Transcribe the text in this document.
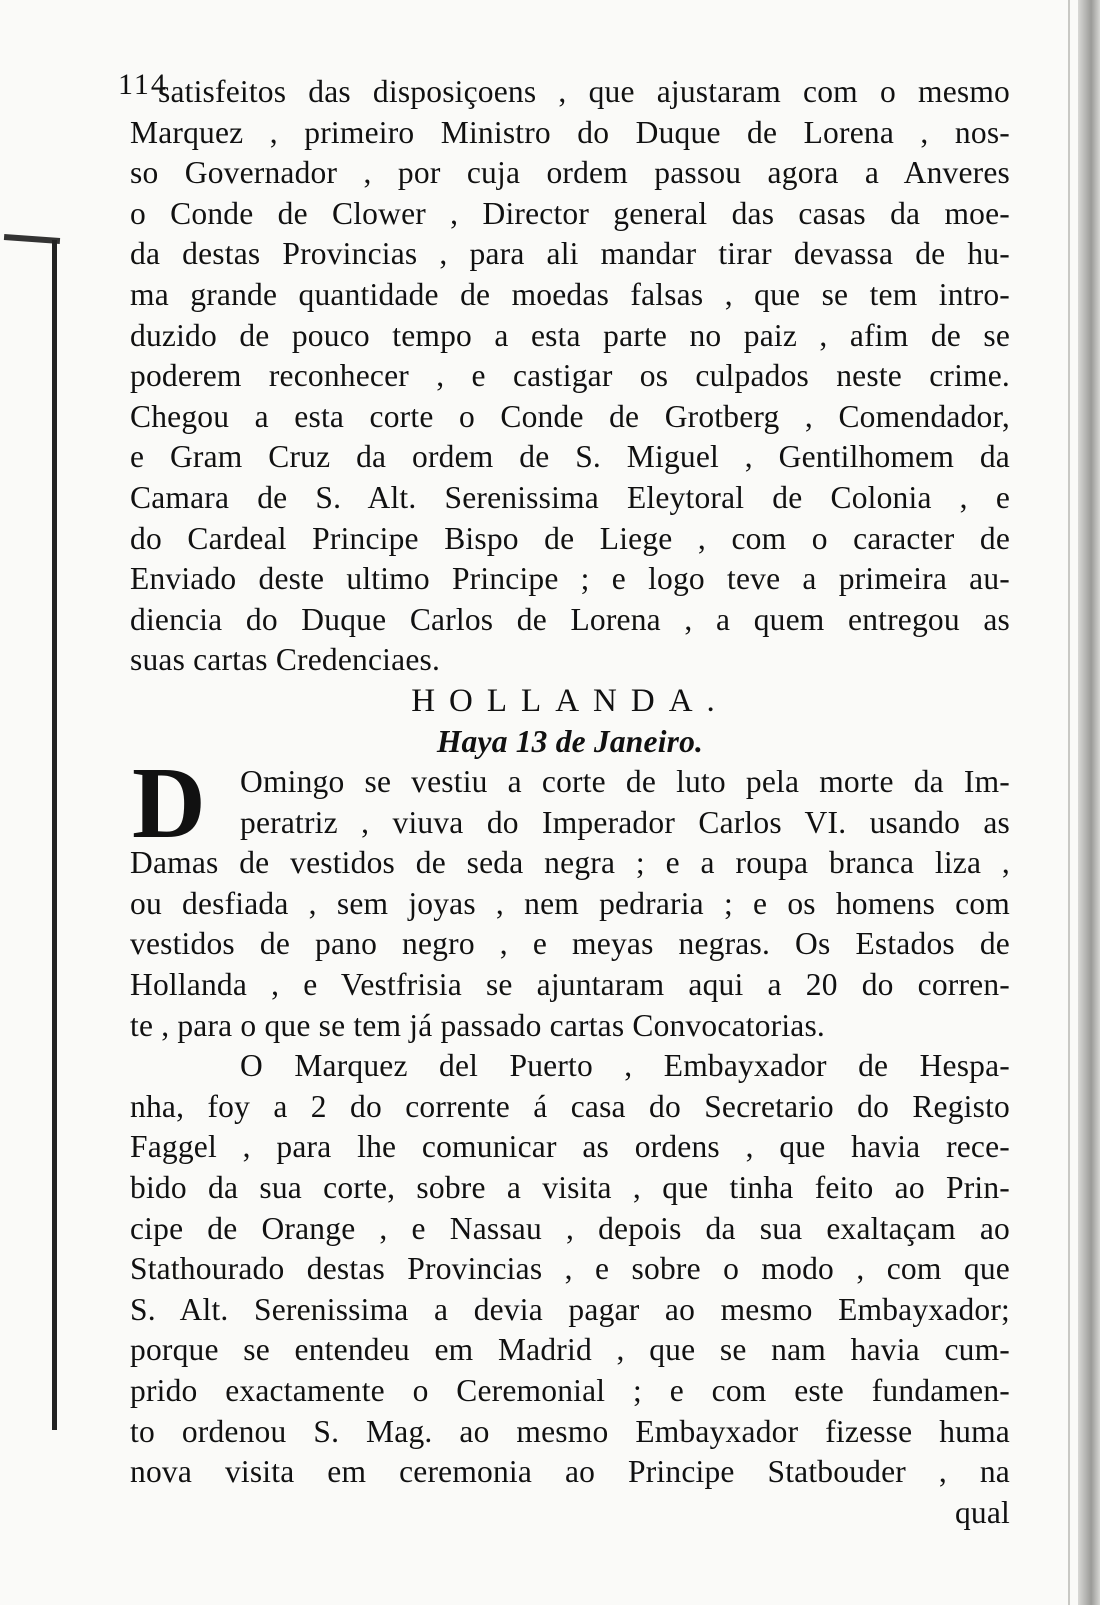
114
satisfeitos das disposiçoens , que ajustaram com o mesmo
Marquez , primeiro Ministro do Duque de Lorena , nos-
so Governador , por cuja ordem passou agora a Anveres
o Conde de Clower , Director general das casas da moe-
da destas Provincias , para ali mandar tirar devassa de hu-
ma grande quantidade de moedas falsas , que se tem intro-
duzido de pouco tempo a esta parte no paiz , afim de se
poderem reconhecer , e castigar os culpados neste crime.
Chegou a esta corte o Conde de Grotberg , Comendador,
e Gram Cruz da ordem de S. Miguel , Gentilhomem da
Camara de S. Alt. Serenissima Eleytoral de Colonia , e
do Cardeal Principe Bispo de Liege , com o caracter de
Enviado deste ultimo Principe ; e logo teve a primeira au-
diencia do Duque Carlos de Lorena , a quem entregou as
suas cartas Credenciaes.
HOLLANDA.
Haya 13 de Janeiro.
D	Omingo se vestiu a corte de luto pela morte da Im-
peratriz , viuva do Imperador Carlos VI. usando as
Damas de vestidos de seda negra ; e a roupa branca liza ,
ou desfiada , sem joyas , nem pedraria ; e os homens com
vestidos de pano negro , e meyas negras. Os Estados de
Hollanda , e Vestfrisia se ajuntaram aqui a 20 do corren-
te , para o que se tem já passado cartas Convocatorias.
O Marquez del Puerto , Embayxador de Hespa-
nha, foy a 2 do corrente á casa do Secretario do Registo
Faggel , para lhe comunicar as ordens , que havia rece-
bido da sua corte, sobre a visita , que tinha feito ao Prin-
cipe de Orange , e Nassau , depois da sua exaltaçam ao
Stathourado destas Provincias , e sobre o modo , com que
S. Alt. Serenissima a devia pagar ao mesmo Embayxador;
porque se entendeu em Madrid , que se nam havia cum-
prido exactamente o Ceremonial ; e com este fundamen-
to ordenou S. Mag. ao mesmo Embayxador fizesse huma
nova visita em ceremonia ao Principe Statbouder , na
qual
